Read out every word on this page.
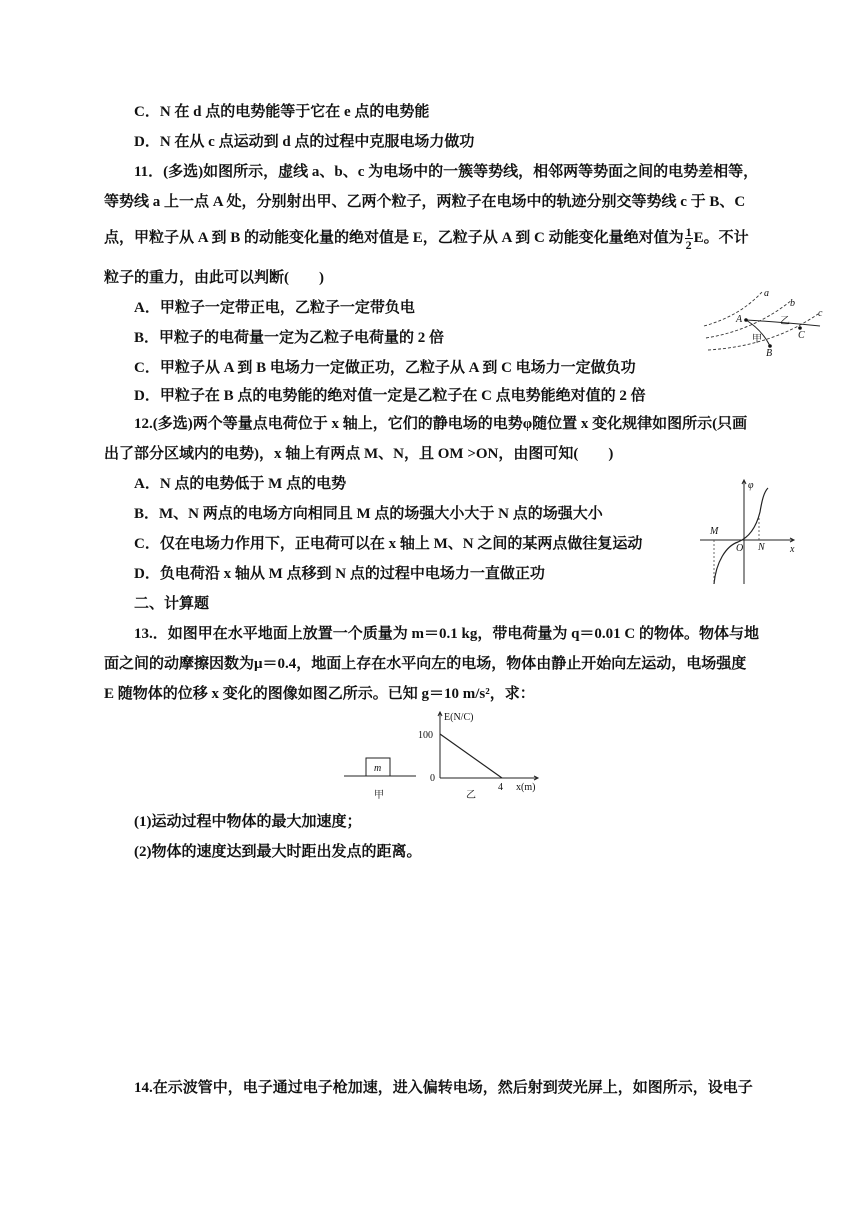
C．N 在 d 点的电势能等于它在 e 点的电势能
D．N 在从 c 点运动到 d 点的过程中克服电场力做功
11．(多选)如图所示，虚线 a、b、c 为电场中的一簇等势线，相邻两等势面之间的电势差相等，
等势线 a 上一点 A 处，分别射出甲、乙两个粒子，两粒子在电场中的轨迹分别交等势线 c 于 B、C
点，甲粒子从 A 到 B 的动能变化量的绝对值是 E，乙粒子从 A 到 C 动能变化量绝对值为 $\frac{1}{2}$ E。不计
粒子的重力，由此可以判断(　　)
A．甲粒子一定带正电，乙粒子一定带负电
B．甲粒子的电荷量一定为乙粒子电荷量的 2 倍
C．甲粒子从 A 到 B 电场力一定做正功，乙粒子从 A 到 C 电场力一定做负功
D．甲粒子在 B 点的电势能的绝对值一定是乙粒子在 C 点电势能绝对值的 2 倍
a
b
c
A
B
C
甲
乙
12.(多选)两个等量点电荷位于 x 轴上，它们的静电场的电势φ随位置 x 变化规律如图所示(只画
出了部分区域内的电势)，x 轴上有两点 M、N，且 OM >ON，由图可知(　　)
A．N 点的电势低于 M 点的电势
B．M、N 两点的电场方向相同且 M 点的场强大小大于 N 点的场强大小
C．仅在电场力作用下，正电荷可以在 x 轴上 M、N 之间的某两点做往复运动
D．负电荷沿 x 轴从 M 点移到 N 点的过程中电场力一直做正功
φ
x
M
N
O
二、计算题
13.．如图甲在水平地面上放置一个质量为 m＝0.1 kg，带电荷量为 q＝0.01 C 的物体。物体与地
面之间的动摩擦因数为μ＝0.4，地面上存在水平向左的电场，物体由静止开始向左运动，电场强度
E 随物体的位移 x 变化的图像如图乙所示。已知 g＝10 m/s²，求：
m
甲
E(N/C)
100
0
4 x(m)
乙
(1)运动过程中物体的最大加速度；
(2)物体的速度达到最大时距出发点的距离。
14.在示波管中，电子通过电子枪加速，进入偏转电场，然后射到荧光屏上，如图所示，设电子
